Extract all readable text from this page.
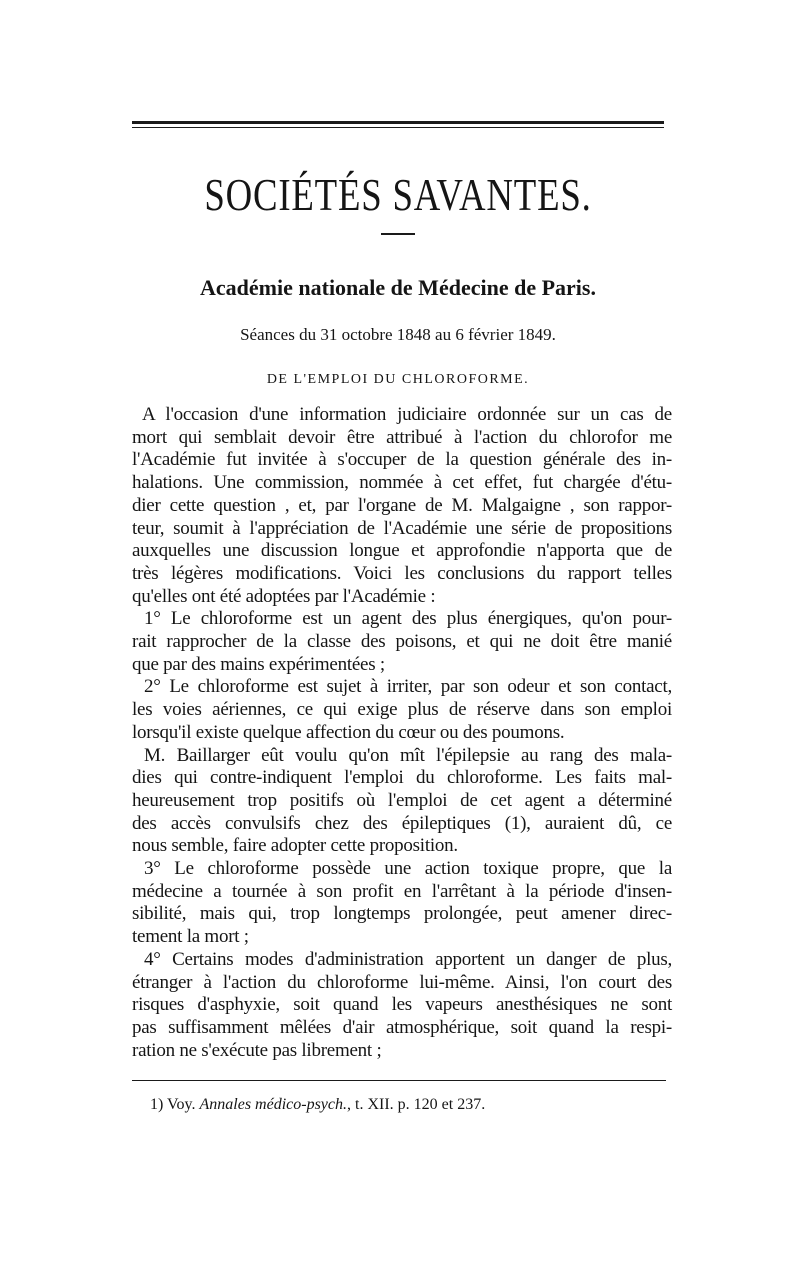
SOCIÉTÉS SAVANTES.
Académie nationale de Médecine de Paris.
Séances du 31 octobre 1848 au 6 février 1849.
DE L'EMPLOI DU CHLOROFORME.
A l'occasion d'une information judiciaire ordonnée sur un cas de
mort qui semblait devoir être attribué à l'action du chlorofor me
l'Académie fut invitée à s'occuper de la question générale des in-
halations. Une commission, nommée à cet effet, fut chargée d'étu-
dier cette question , et, par l'organe de M. Malgaigne , son rappor-
teur, soumit à l'appréciation de l'Académie une série de propositions
auxquelles une discussion longue et approfondie n'apporta que de
très légères modifications. Voici les conclusions du rapport telles
qu'elles ont été adoptées par l'Académie :
1° Le chloroforme est un agent des plus énergiques, qu'on pour-
rait rapprocher de la classe des poisons, et qui ne doit être manié
que par des mains expérimentées ;
2° Le chloroforme est sujet à irriter, par son odeur et son contact,
les voies aériennes, ce qui exige plus de réserve dans son emploi
lorsqu'il existe quelque affection du cœur ou des poumons.
M. Baillarger eût voulu qu'on mît l'épilepsie au rang des mala-
dies qui contre-indiquent l'emploi du chloroforme. Les faits mal-
heureusement trop positifs où l'emploi de cet agent a déterminé
des accès convulsifs chez des épileptiques (1), auraient dû, ce
nous semble, faire adopter cette proposition.
3° Le chloroforme possède une action toxique propre, que la
médecine a tournée à son profit en l'arrêtant à la période d'insen-
sibilité, mais qui, trop longtemps prolongée, peut amener direc-
tement la mort ;
4° Certains modes d'administration apportent un danger de plus,
étranger à l'action du chloroforme lui-même. Ainsi, l'on court des
risques d'asphyxie, soit quand les vapeurs anesthésiques ne sont
pas suffisamment mêlées d'air atmosphérique, soit quand la respi-
ration ne s'exécute pas librement ;
1) Voy. Annales médico-psych., t. XII. p. 120 et 237.
